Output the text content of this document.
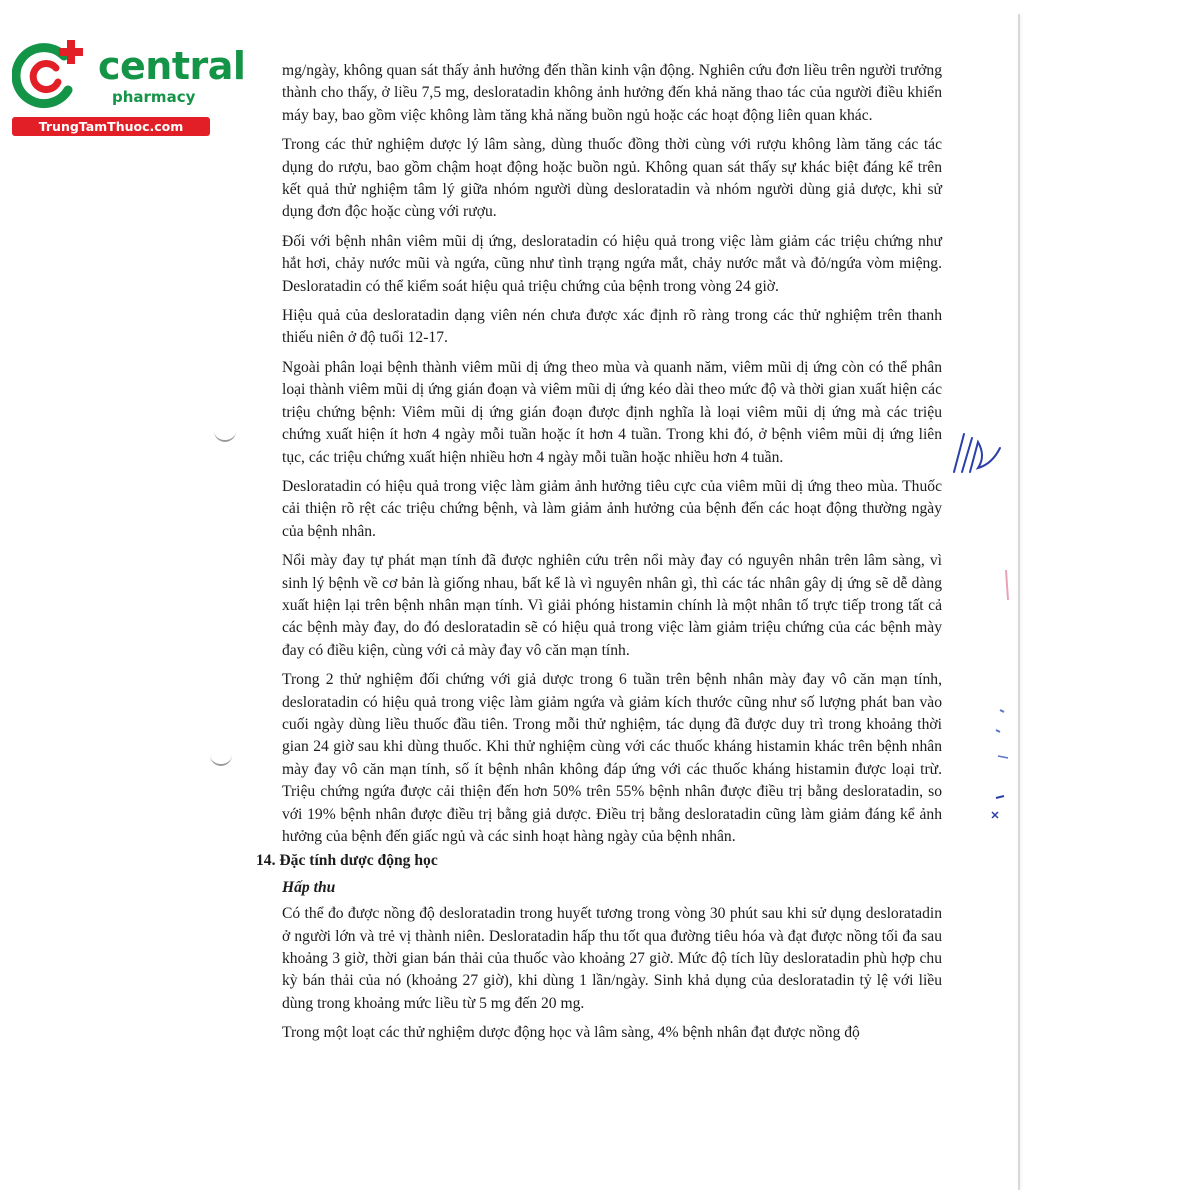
central

pharmacy

TrungTamThuoc.com

mg/ngày, không quan sát thấy ảnh hưởng đến thần kinh vận động. Nghiên cứu đơn liều trên người trưởng thành cho thấy, ở liều 7,5 mg, desloratadin không ảnh hưởng đến khả năng thao tác của người điều khiển máy bay, bao gồm việc không làm tăng khả năng buồn ngủ hoặc các hoạt động liên quan khác.

Trong các thử nghiệm dược lý lâm sàng, dùng thuốc đồng thời cùng với rượu không làm tăng các tác dụng do rượu, bao gồm chậm hoạt động hoặc buồn ngủ. Không quan sát thấy sự khác biệt đáng kể trên kết quả thử nghiệm tâm lý giữa nhóm người dùng desloratadin và nhóm người dùng giả dược, khi sử dụng đơn độc hoặc cùng với rượu.

Đối với bệnh nhân viêm mũi dị ứng, desloratadin có hiệu quả trong việc làm giảm các triệu chứng như hắt hơi, chảy nước mũi và ngứa, cũng như tình trạng ngứa mắt, chảy nước mắt và đỏ/ngứa vòm miệng. Desloratadin có thể kiểm soát hiệu quả triệu chứng của bệnh trong vòng 24 giờ.

Hiệu quả của desloratadin dạng viên nén chưa được xác định rõ ràng trong các thử nghiệm trên thanh thiếu niên ở độ tuổi 12-17.

Ngoài phân loại bệnh thành viêm mũi dị ứng theo mùa và quanh năm, viêm mũi dị ứng còn có thể phân loại thành viêm mũi dị ứng gián đoạn và viêm mũi dị ứng kéo dài theo mức độ và thời gian xuất hiện các triệu chứng bệnh: Viêm mũi dị ứng gián đoạn được định nghĩa là loại viêm mũi dị ứng mà các triệu chứng xuất hiện ít hơn 4 ngày mỗi tuần hoặc ít hơn 4 tuần. Trong khi đó, ở bệnh viêm mũi dị ứng liên tục, các triệu chứng xuất hiện nhiều hơn 4 ngày mỗi tuần hoặc nhiều hơn 4 tuần.

Desloratadin có hiệu quả trong việc làm giảm ảnh hưởng tiêu cực của viêm mũi dị ứng theo mùa. Thuốc cải thiện rõ rệt các triệu chứng bệnh, và làm giảm ảnh hưởng của bệnh đến các hoạt động thường ngày của bệnh nhân.

Nổi mày đay tự phát mạn tính đã được nghiên cứu trên nổi mày đay có nguyên nhân trên lâm sàng, vì sinh lý bệnh về cơ bản là giống nhau, bất kể là vì nguyên nhân gì, thì các tác nhân gây dị ứng sẽ dễ dàng xuất hiện lại trên bệnh nhân mạn tính. Vì giải phóng histamin chính là một nhân tố trực tiếp trong tất cả các bệnh mày đay, do đó desloratadin sẽ có hiệu quả trong việc làm giảm triệu chứng của các bệnh mày đay có điều kiện, cùng với cả mày đay vô căn mạn tính.

Trong 2 thử nghiệm đối chứng với giả dược trong 6 tuần trên bệnh nhân mày đay vô căn mạn tính, desloratadin có hiệu quả trong việc làm giảm ngứa và giảm kích thước cũng như số lượng phát ban vào cuối ngày dùng liều thuốc đầu tiên. Trong mỗi thử nghiệm, tác dụng đã được duy trì trong khoảng thời gian 24 giờ sau khi dùng thuốc. Khi thử nghiệm cùng với các thuốc kháng histamin khác trên bệnh nhân mày đay vô căn mạn tính, số ít bệnh nhân không đáp ứng với các thuốc kháng histamin được loại trừ. Triệu chứng ngứa được cải thiện đến hơn 50% trên 55% bệnh nhân được điều trị bằng desloratadin, so với 19% bệnh nhân được điều trị bằng giả dược. Điều trị bằng desloratadin cũng làm giảm đáng kể ảnh hưởng của bệnh đến giấc ngủ và các sinh hoạt hàng ngày của bệnh nhân.

14. Đặc tính dược động học
Hấp thu

Có thể đo được nồng độ desloratadin trong huyết tương trong vòng 30 phút sau khi sử dụng desloratadin ở người lớn và trẻ vị thành niên. Desloratadin hấp thu tốt qua đường tiêu hóa và đạt được nồng tối đa sau khoảng 3 giờ, thời gian bán thải của thuốc vào khoảng 27 giờ. Mức độ tích lũy desloratadin phù hợp chu kỳ bán thải của nó (khoảng 27 giờ), khi dùng 1 lần/ngày. Sinh khả dụng của desloratadin tỷ lệ với liều dùng trong khoảng mức liều từ 5 mg đến 20 mg.

Trong một loạt các thử nghiệm dược động học và lâm sàng, 4% bệnh nhân đạt được nồng độ
